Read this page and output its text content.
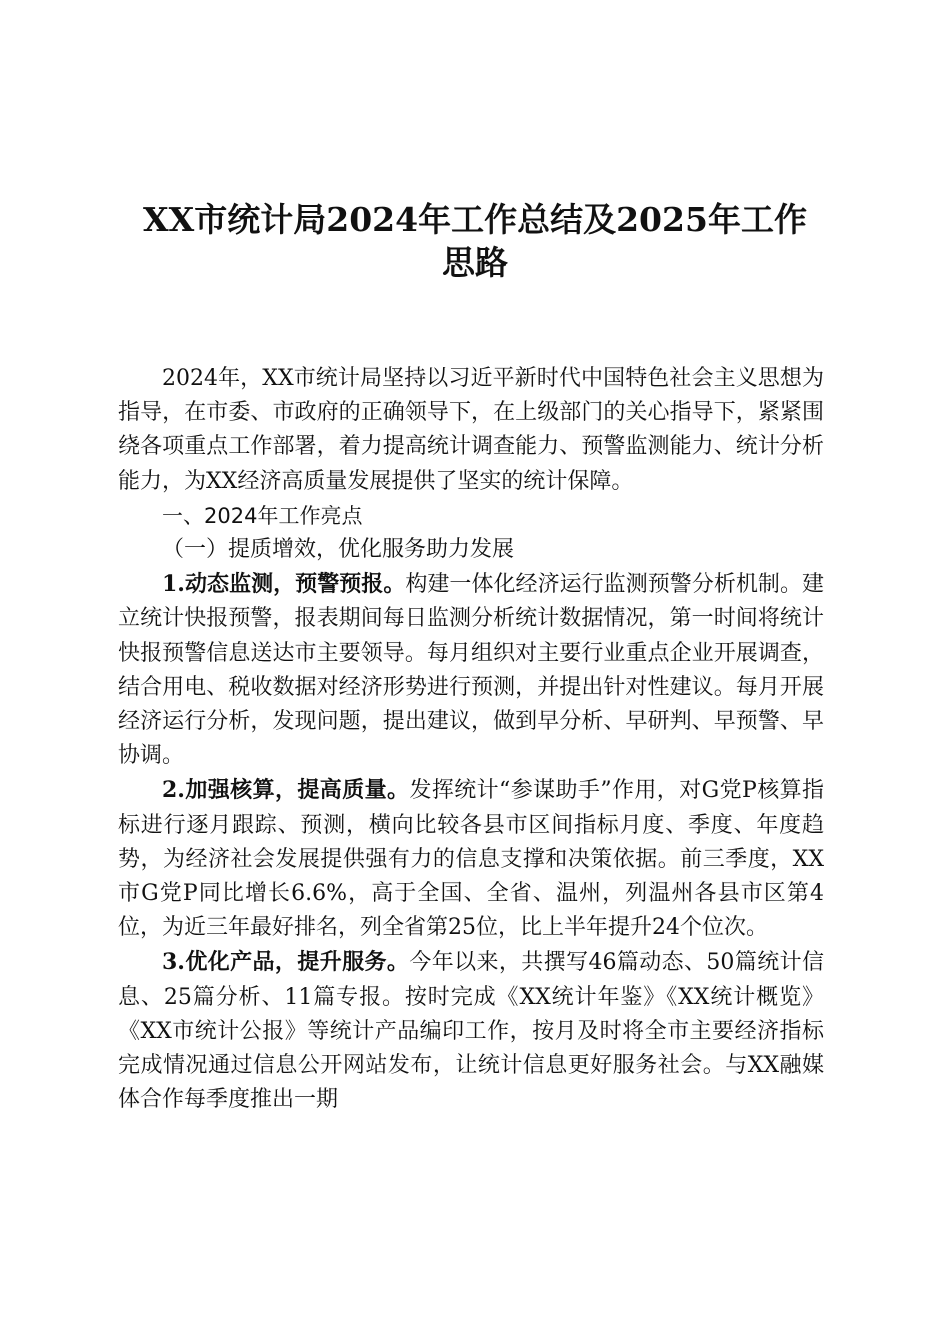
XX市统计局2024年工作总结及2025年工作
思路

2024年，XX市统计局坚持以习近平新时代中国特色社会主义思想为指导，在市委、市政府的正确领导下，在上级部门的关心指导下，紧紧围绕各项重点工作部署，着力提高统计调查能力、预警监测能力、统计分析能力，为XX经济高质量发展提供了坚实的统计保障。

一、2024年工作亮点

（一）提质增效，优化服务助力发展

1.动态监测，预警预报。构建一体化经济运行监测预警分析机制。建立统计快报预警，报表期间每日监测分析统计数据情况，第一时间将统计快报预警信息送达市主要领导。每月组织对主要行业重点企业开展调查，结合用电、税收数据对经济形势进行预测，并提出针对性建议。每月开展经济运行分析，发现问题，提出建议，做到早分析、早研判、早预警、早协调。

2.加强核算，提高质量。发挥统计“参谋助手”作用，对G党P核算指标进行逐月跟踪、预测，横向比较各县市区间指标月度、季度、年度趋势，为经济社会发展提供强有力的信息支撑和决策依据。前三季度，XX市G党P同比增长6.6%，高于全国、全省、温州，列温州各县市区第4位，为近三年最好排名，列全省第25位，比上半年提升24个位次。

3.优化产品，提升服务。今年以来，共撰写46篇动态、50篇统计信息、25篇分析、11篇专报。按时完成《XX统计年鉴》《XX统计概览》《XX市统计公报》等统计产品编印工作，按月及时将全市主要经济指标完成情况通过信息公开网站发布，让统计信息更好服务社会。与XX融媒体合作每季度推出一期
